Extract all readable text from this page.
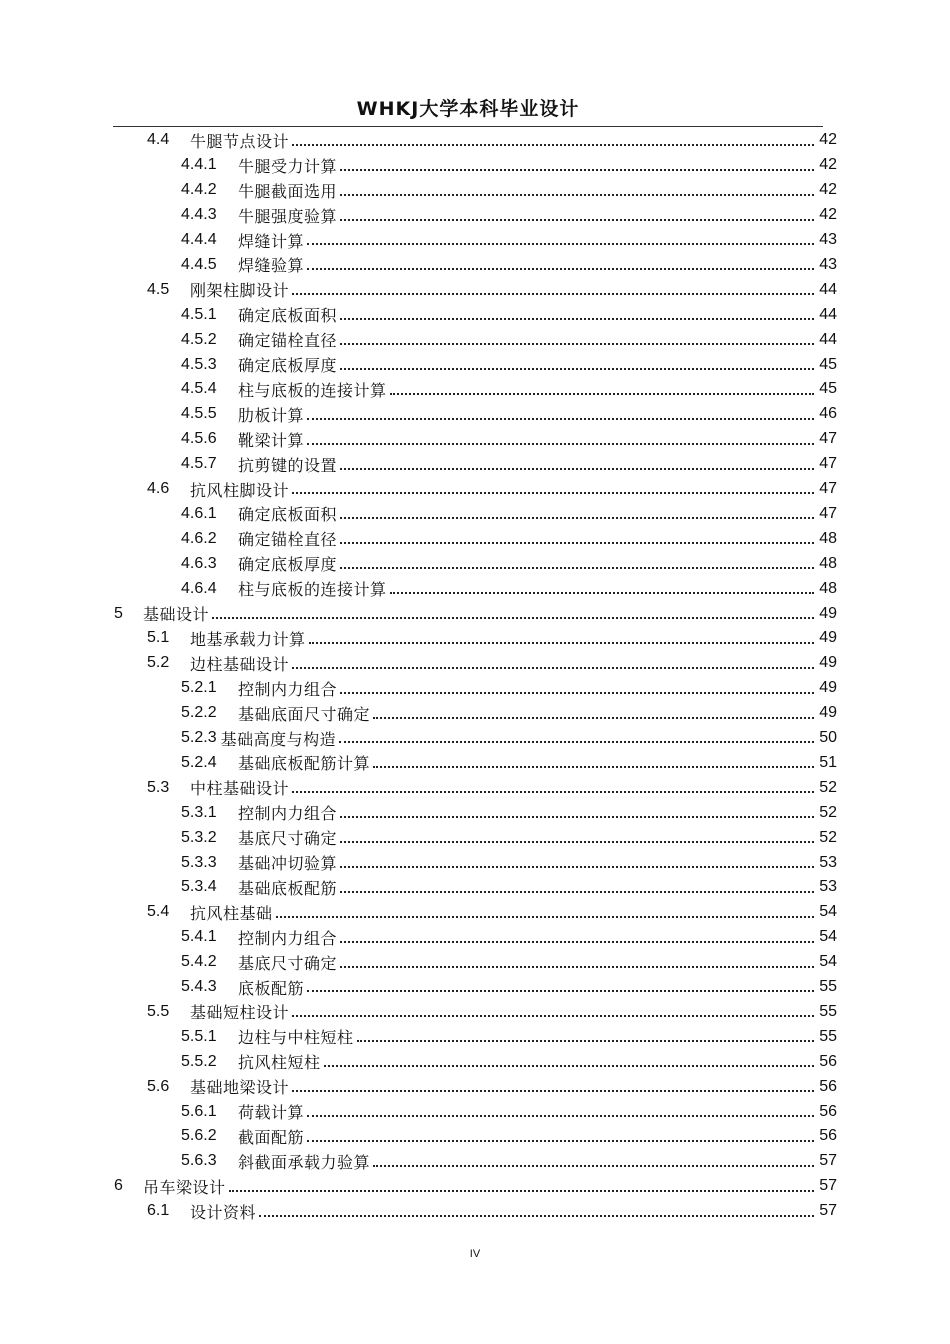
WHKJ大学本科毕业设计
4.4	牛腿节点设计	42
4.4.1	牛腿受力计算	42
4.4.2	牛腿截面选用	42
4.4.3	牛腿强度验算	42
4.4.4	焊缝计算	43
4.4.5	焊缝验算	43
4.5	刚架柱脚设计	44
4.5.1	确定底板面积	44
4.5.2	确定锚栓直径	44
4.5.3	确定底板厚度	45
4.5.4	柱与底板的连接计算	45
4.5.5	肋板计算	46
4.5.6	靴梁计算	47
4.5.7	抗剪键的设置	47
4.6	抗风柱脚设计	47
4.6.1	确定底板面积	47
4.6.2	确定锚栓直径	48
4.6.3	确定底板厚度	48
4.6.4	柱与底板的连接计算	48
5	基础设计	49
5.1	地基承载力计算	49
5.2	边柱基础设计	49
5.2.1	控制内力组合	49
5.2.2	基础底面尺寸确定	49
5.2.3 基础高度与构造	50
5.2.4	基础底板配筋计算	51
5.3	中柱基础设计	52
5.3.1	控制内力组合	52
5.3.2	基底尺寸确定	52
5.3.3	基础冲切验算	53
5.3.4	基础底板配筋	53
5.4	抗风柱基础	54
5.4.1	控制内力组合	54
5.4.2	基底尺寸确定	54
5.4.3	底板配筋	55
5.5	基础短柱设计	55
5.5.1	边柱与中柱短柱	55
5.5.2	抗风柱短柱	56
5.6	基础地梁设计	56
5.6.1	荷载计算	56
5.6.2	截面配筋	56
5.6.3	斜截面承载力验算	57
6	吊车梁设计	57
6.1	设计资料	57
IV
